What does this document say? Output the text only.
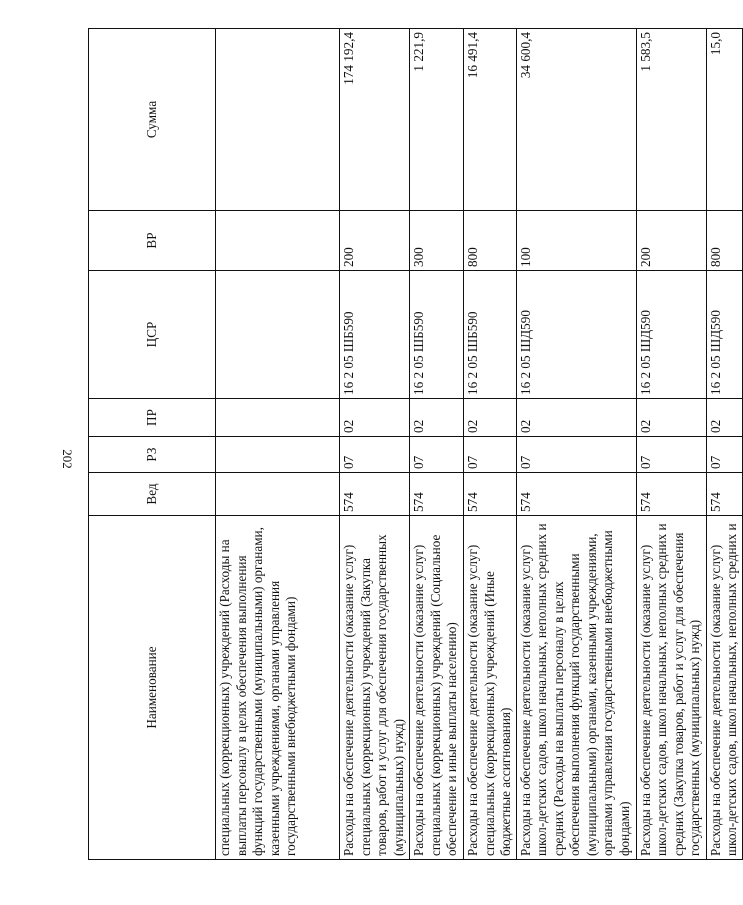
202
Наименование	Вед	РЗ	ПР	ЦСР	ВР	Сумма
специальных (коррекционных) учреждений (Расходы на выплаты персоналу в целях обеспечения выполнения функций государственными (муниципальными) органами, казенными учреждениями, органами управления государственными внебюджетными фондами)						
Расходы на обеспечение деятельности (оказание услуг) специальных (коррекционных) учреждений (Закупка товаров, работ и услуг для обеспечения государственных (муниципальных) нужд)	574	07	02	16 2 05 ШБ590	200	174 192,4
Расходы на обеспечение деятельности (оказание услуг) специальных (коррекционных) учреждений (Социальное обеспечение и иные выплаты населению)	574	07	02	16 2 05 ШБ590	300	1 221,9
Расходы на обеспечение деятельности (оказание услуг) специальных (коррекционных) учреждений (Иные бюджетные ассигнования)	574	07	02	16 2 05 ШБ590	800	16 491,4
Расходы на обеспечение деятельности (оказание услуг) школ-детских садов, школ начальных, неполных средних и средних (Расходы на выплаты персоналу в целях обеспечения выполнения функций государственными (муниципальными) органами, казенными учреждениями, органами управления государственными внебюджетными фондами)	574	07	02	16 2 05 ШД590	100	34 600,4
Расходы на обеспечение деятельности (оказание услуг) школ-детских садов, школ начальных, неполных средних и средних (Закупка товаров, работ и услуг для обеспечения государственных (муниципальных) нужд)	574	07	02	16 2 05 ШД590	200	1 583,5
Расходы на обеспечение деятельности (оказание услуг) школ-детских садов, школ начальных, неполных средних и	574	07	02	16 2 05 ШД590	800	15,0
